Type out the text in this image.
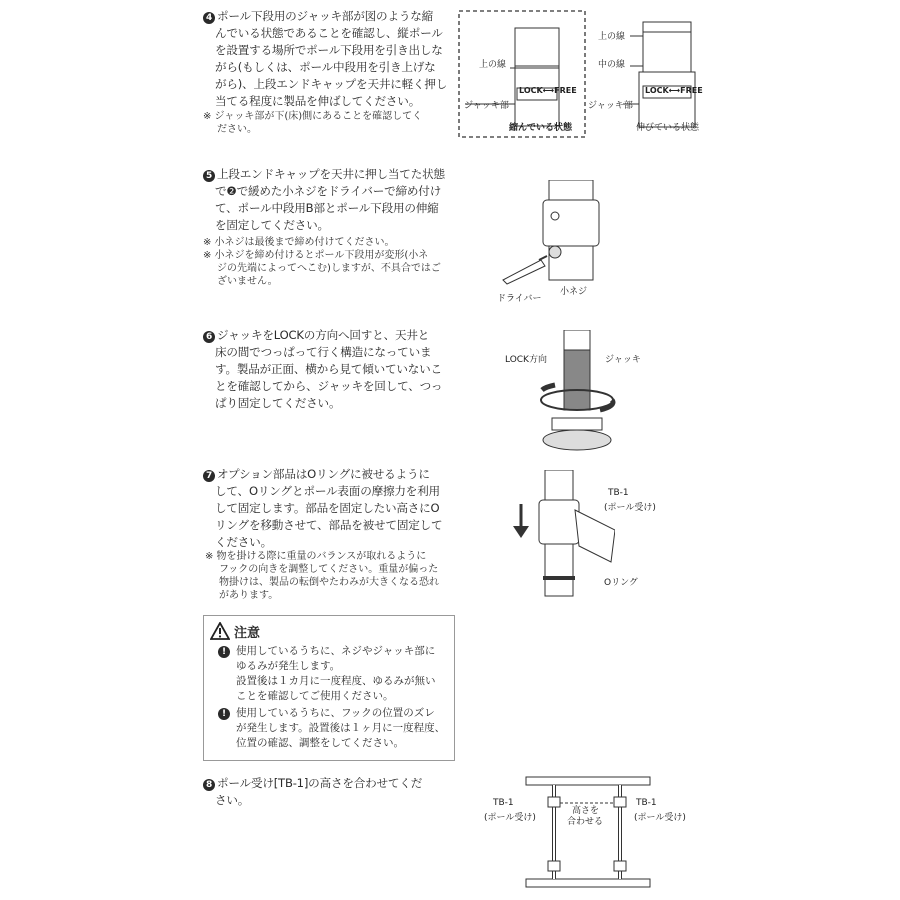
4 ポール下段用のジャッキ部が図のような縮
んでいる状態であることを確認し、縦ポール
を設置する場所でポール下段用を引き出しな
がら(もしくは、ポール中段用を引き上げな
がら)、上段エンドキャップを天井に軽く押し
当てる程度に製品を伸ばしてください。
※ ジャッキ部が下(床)側にあることを確認してく
ださい。
上の線
LOCK⟷FREE
ジャッキ部
縮んでいる状態
上の線
中の線
LOCK⟷FREE
ジャッキ部
伸びている状態
5 上段エンドキャップを天井に押し当てた状態
で❷で緩めた小ネジをドライバーで締め付け
て、ポール中段用B部とポール下段用の伸縮
を固定してください。
※ 小ネジは最後まで締め付けてください。
※ 小ネジを締め付けるとポール下段用が変形(小ネ
ジの先端によってへこむ)しますが、不具合ではご
ざいません。
ドライバー
小ネジ
6 ジャッキをLOCKの方向へ回すと、天井と
床の間でつっぱって行く構造になっていま
す。製品が正面、横から見て傾いていないこ
とを確認してから、ジャッキを回して、つっ
ぱり固定してください。
LOCK方向	ジャッキ
7 オプション部品はOリングに被せるように
して、Oリングとポール表面の摩擦力を利用
して固定します。部品を固定したい高さにO
リングを移動させて、部品を被せて固定して
ください。
※ 物を掛ける際に重量のバランスが取れるように
フックの向きを調整してください。重量が偏った
物掛けは、製品の転倒やたわみが大きくなる恐れ
があります。
TB-1
(ポール受け)
Oリング
注意
! 使用しているうちに、ネジやジャッキ部に
ゆるみが発生します。
設置後は１カ月に一度程度、ゆるみが無い
ことを確認してご使用ください。
! 使用しているうちに、フックの位置のズレ
が発生します。設置後は１ヶ月に一度程度、
位置の確認、調整をしてください。
8 ポール受け[TB-1]の高さを合わせてくだ
さい。	TB-1
(ポール受け)
TB-1
(ポール受け)
高さを
合わせる
